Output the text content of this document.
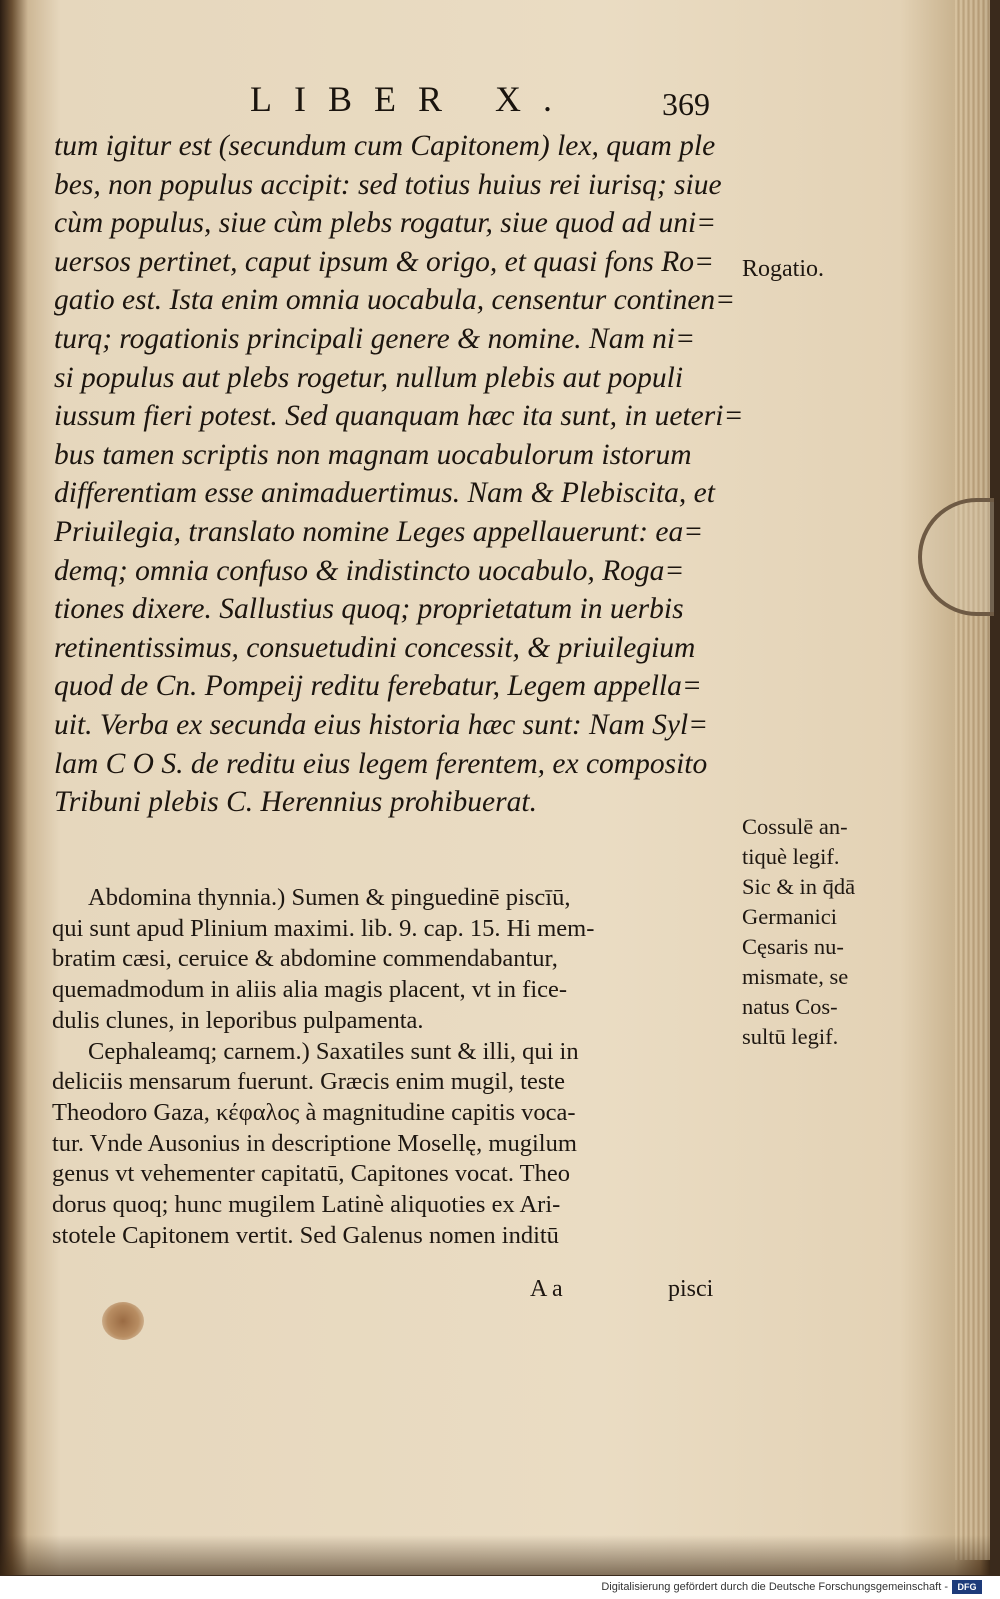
LIBER X.	369
tum igitur est (secundum cum Capitonem) lex, quam ple
bes, non populus accipit: sed totius huius rei iurisq; siue
cùm populus, siue cùm plebs rogatur, siue quod ad uni=
uersos pertinet, caput ipsum & origo, et quasi fons Ro=
gatio est. Ista enim omnia uocabula, censentur continen=
turq; rogationis principali genere & nomine. Nam ni=
si populus aut plebs rogetur, nullum plebis aut populi
iussum fieri potest. Sed quanquam hæc ita sunt, in ueteri=
bus tamen scriptis non magnam uocabulorum istorum
differentiam esse animaduertimus. Nam & Plebiscita, et
Priuilegia, translato nomine Leges appellauerunt: ea=
demq; omnia confuso & indistincto uocabulo, Roga=
tiones dixere. Sallustius quoq; proprietatum in uerbis
retinentissimus, consuetudini concessit, & priuilegium
quod de Cn. Pompeij reditu ferebatur, Legem appella=
uit. Verba ex secunda eius historia hæc sunt: Nam Syl=
lam C O S. de reditu eius legem ferentem, ex composito
Tribuni plebis C. Herennius prohibuerat.
Abdomina thynnia.) Sumen & pinguedinē piscīū,
qui sunt apud Plinium maximi. lib. 9. cap. 15. Hi mem-
bratim cæsi, ceruice & abdomine commendabantur,
quemadmodum in aliis alia magis placent, vt in fice-
dulis clunes, in leporibus pulpamenta.
Cephaleamq; carnem.) Saxatiles sunt & illi, qui in
deliciis mensarum fuerunt. Græcis enim mugil, teste
Theodoro Gaza, κέφαλος à magnitudine capitis voca-
tur. Vnde Ausonius in descriptione Mosellę, mugilum
genus vt vehementer capitatū, Capitones vocat. Theo
dorus quoq; hunc mugilem Latinè aliquoties ex Ari-
stotele Capitonem vertit. Sed Galenus nomen inditū
Rogatio.
Cossulē an-
tiquè legif.
Sic & in q̄dā
Germanici
Cęsaris nu-
mismate, se
natus Cos-
sultū legif.
A a	pisci
Digitalisierung gefördert durch die Deutsche Forschungsgemeinschaft -	DFG
